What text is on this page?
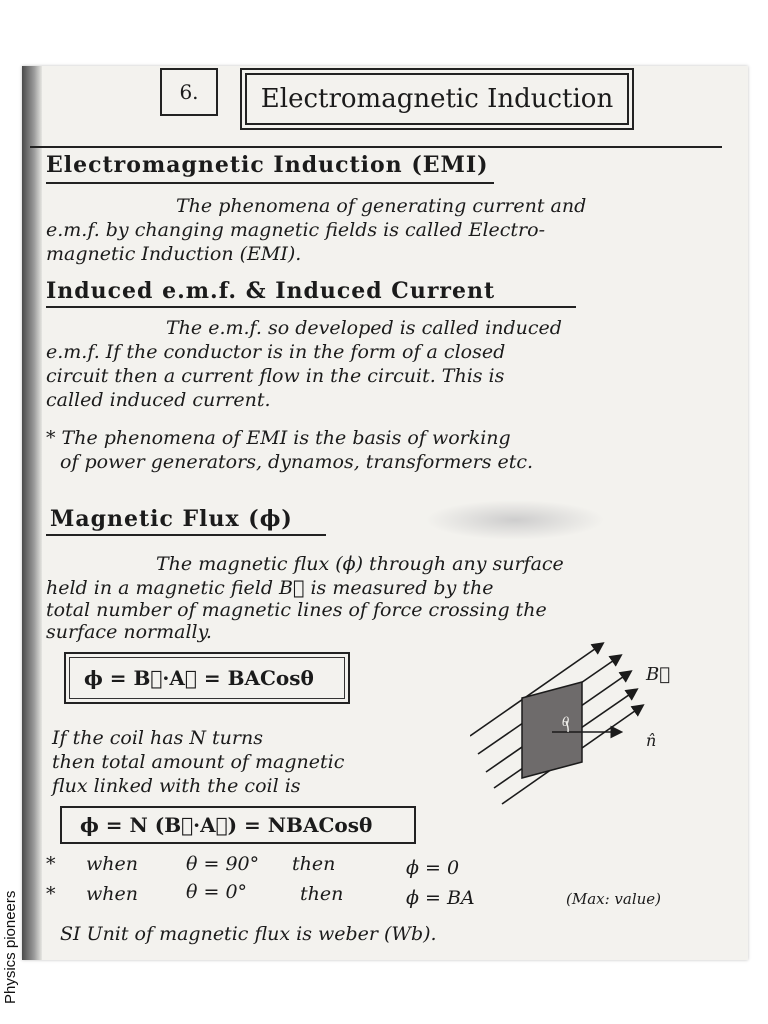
Physics pioneers
6.	Electromagnetic Induction
Electromagnetic Induction (EMI)
The phenomena of generating current and
e.m.f. by changing magnetic fields is called Electro-
magnetic Induction (EMI).
Induced e.m.f. & Induced Current
The e.m.f. so developed is called induced
e.m.f. If the conductor is in the form of a closed
circuit then a current flow in the circuit. This is
called induced current.
* The phenomena of EMI is the basis of working
of power generators, dynamos, transformers etc.
Magnetic Flux (ϕ)
The magnetic flux (ϕ) through any surface
held in a magnetic field B⃗ is measured by the
total number of magnetic lines of force crossing the
surface normally.
ϕ = B⃗·A⃗ = BACosθ
If the coil has N turns
then total amount of magnetic
flux linked with the coil is
ϕ = N (B⃗·A⃗) = NBACosθ
θ
B⃗
n̂
* when	θ = 90° then	ϕ = 0
* when	θ = 0°	then	ϕ = BA	(Max: value)
SI Unit of magnetic flux is weber (Wb).
